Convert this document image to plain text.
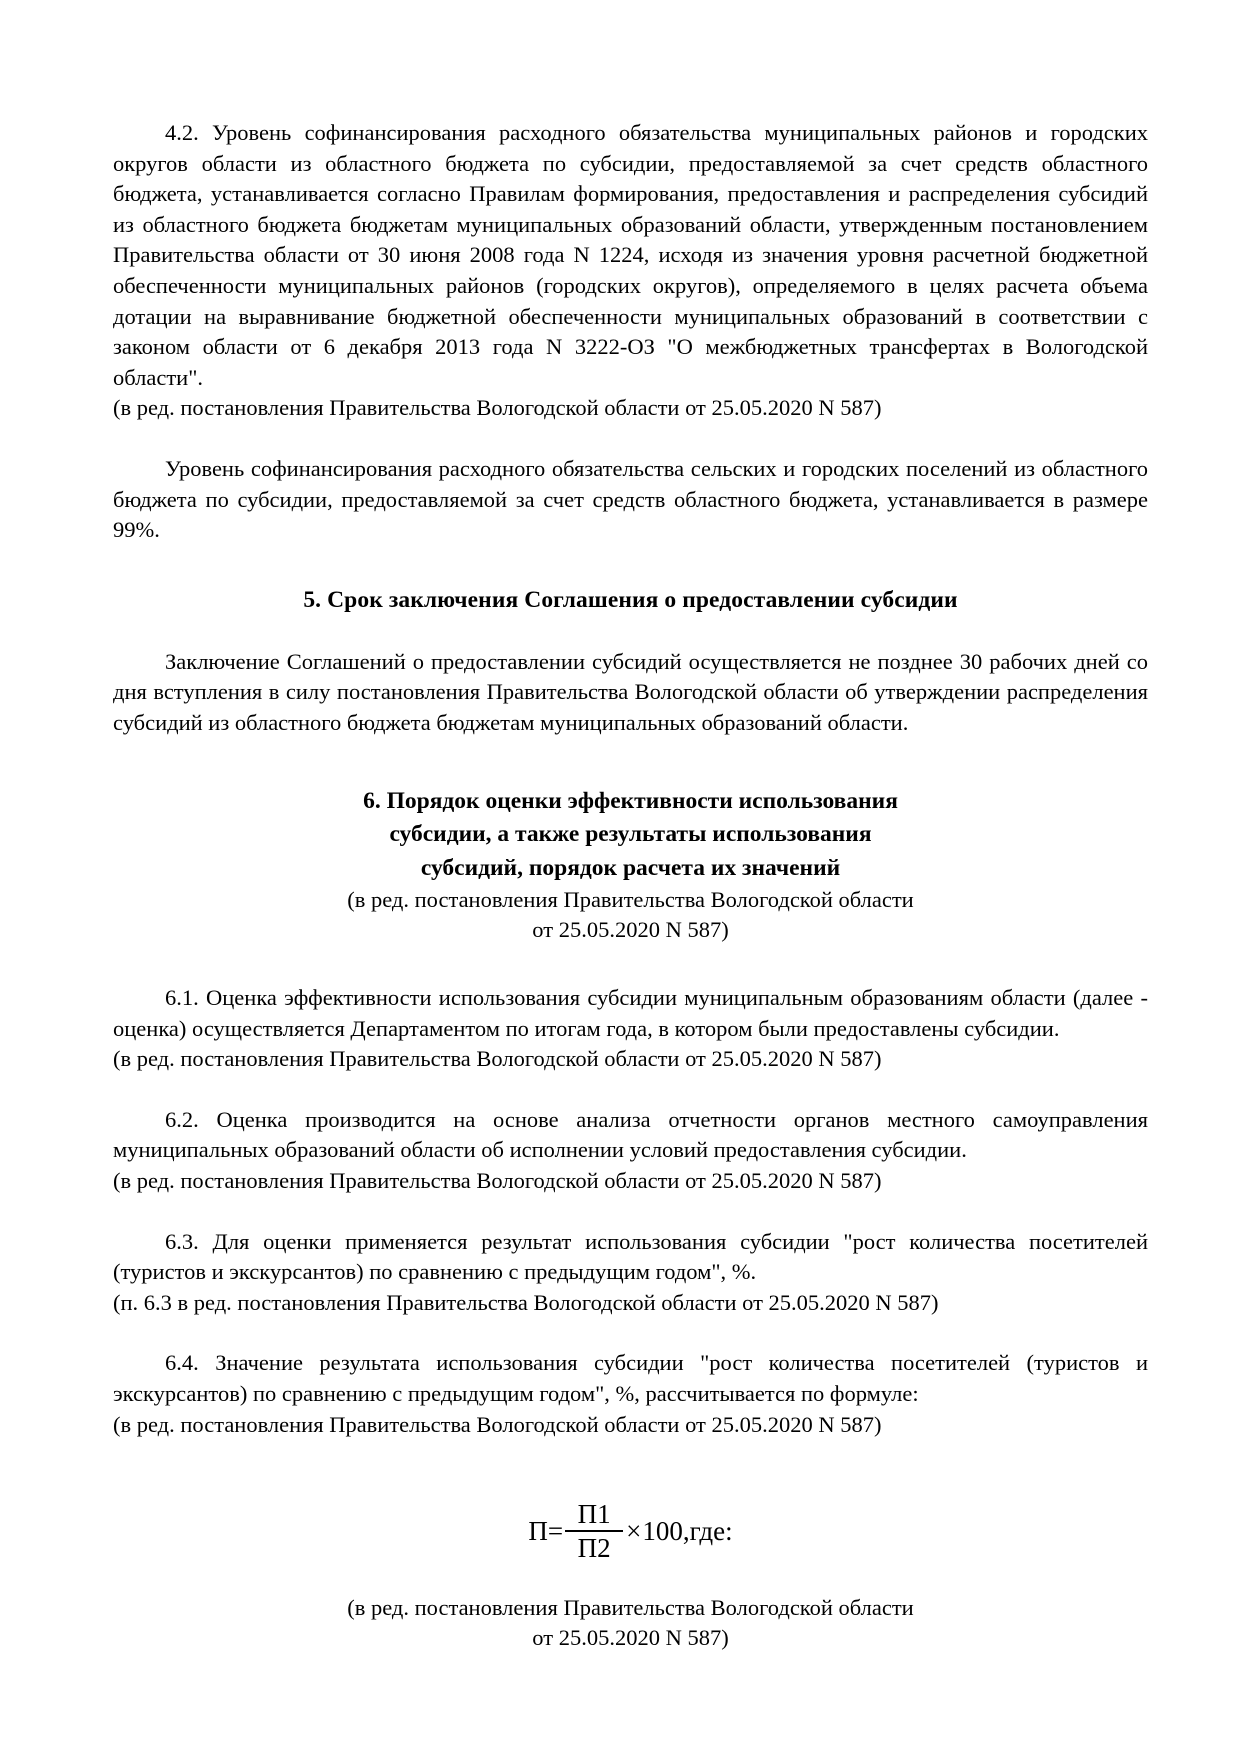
4.2. Уровень софинансирования расходного обязательства муниципальных районов и городских округов области из областного бюджета по субсидии, предоставляемой за счет средств областного бюджета, устанавливается согласно Правилам формирования, предоставления и распределения субсидий из областного бюджета бюджетам муниципальных образований области, утвержденным постановлением Правительства области от 30 июня 2008 года N 1224, исходя из значения уровня расчетной бюджетной обеспеченности муниципальных районов (городских округов), определяемого в целях расчета объема дотации на выравнивание бюджетной обеспеченности муниципальных образований в соответствии с законом области от 6 декабря 2013 года N 3222-ОЗ "О межбюджетных трансфертах в Вологодской области".

(в ред. постановления Правительства Вологодской области от 25.05.2020 N 587)

Уровень софинансирования расходного обязательства сельских и городских поселений из областного бюджета по субсидии, предоставляемой за счет средств областного бюджета, устанавливается в размере 99%.

5. Срок заключения Соглашения о предоставлении субсидии

Заключение Соглашений о предоставлении субсидий осуществляется не позднее 30 рабочих дней со дня вступления в силу постановления Правительства Вологодской области об утверждении распределения субсидий из областного бюджета бюджетам муниципальных образований области.

6. Порядок оценки эффективности использования
субсидии, а также результаты использования
субсидий, порядок расчета их значений
(в ред. постановления Правительства Вологодской области
от 25.05.2020 N 587)

6.1. Оценка эффективности использования субсидии муниципальным образованиям области (далее - оценка) осуществляется Департаментом по итогам года, в котором были предоставлены субсидии.

(в ред. постановления Правительства Вологодской области от 25.05.2020 N 587)

6.2. Оценка производится на основе анализа отчетности органов местного самоуправления муниципальных образований области об исполнении условий предоставления субсидии.

(в ред. постановления Правительства Вологодской области от 25.05.2020 N 587)

6.3. Для оценки применяется результат использования субсидии "рост количества посетителей (туристов и экскурсантов) по сравнению с предыдущим годом", %.

(п. 6.3 в ред. постановления Правительства Вологодской области от 25.05.2020 N 587)

6.4. Значение результата использования субсидии "рост количества посетителей (туристов и экскурсантов) по сравнению с предыдущим годом", %, рассчитывается по формуле:

(в ред. постановления Правительства Вологодской области от 25.05.2020 N 587)

$П= \frac{П1}{П2} \times 100$ ,где:
(в ред. постановления Правительства Вологодской области
от 25.05.2020 N 587)
